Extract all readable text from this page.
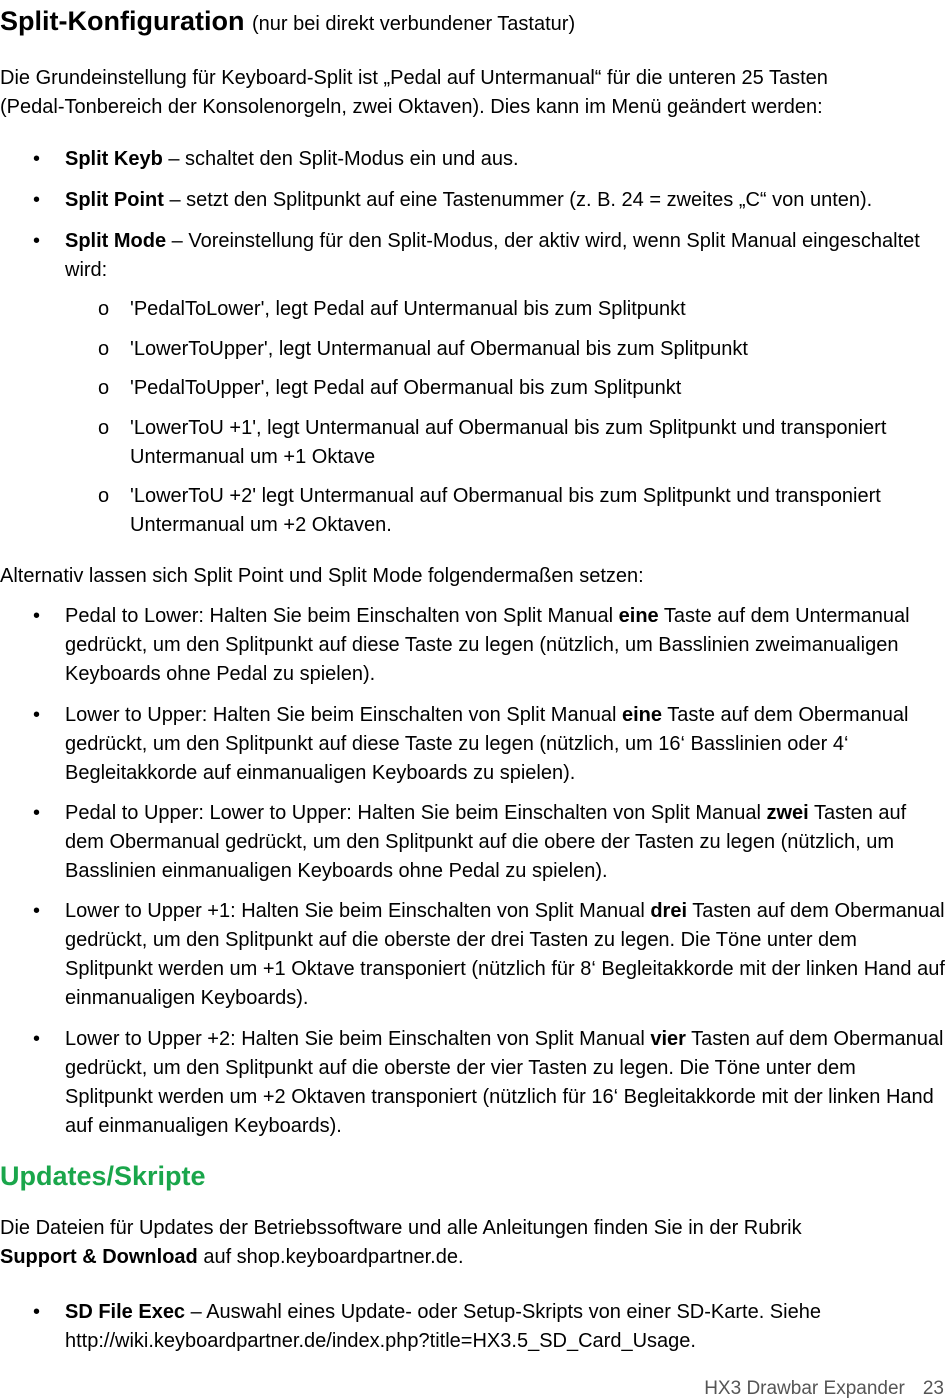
Split-Konfiguration (nur bei direkt verbundener Tastatur)

Die Grundeinstellung für Keyboard-Split ist „Pedal auf Untermanual“ für die unteren 25 Tasten

(Pedal-Tonbereich der Konsolenorgeln, zwei Oktaven). Dies kann im Menü geändert werden:

• Split Keyb – schaltet den Split-Modus ein und aus.
• Split Point – setzt den Splitpunkt auf eine Tastenummer (z. B. 24 = zweites „C“ von unten).
• Split Mode – Voreinstellung für den Split-Modus, der aktiv wird, wenn Split Manual eingeschaltet wird:
o 'PedalToLower', legt Pedal auf Untermanual bis zum Splitpunkt
o 'LowerToUpper', legt Untermanual auf Obermanual bis zum Splitpunkt
o 'PedalToUpper', legt Pedal auf Obermanual bis zum Splitpunkt
o 'LowerToU +1', legt Untermanual auf Obermanual bis zum Splitpunkt und transponiert Untermanual um +1 Oktave
o 'LowerToU +2' legt Untermanual auf Obermanual bis zum Splitpunkt und transponiert Untermanual um +2 Oktaven.

Alternativ lassen sich Split Point und Split Mode folgendermaßen setzen:

• Pedal to Lower: Halten Sie beim Einschalten von Split Manual eine Taste auf dem Untermanual gedrückt, um den Splitpunkt auf diese Taste zu legen (nützlich, um Basslinien zweimanualigen Keyboards ohne Pedal zu spielen).
• Lower to Upper: Halten Sie beim Einschalten von Split Manual eine Taste auf dem Obermanual gedrückt, um den Splitpunkt auf diese Taste zu legen (nützlich, um 16‘ Basslinien oder 4‘ Begleitakkorde auf einmanualigen Keyboards zu spielen).
• Pedal to Upper: Lower to Upper: Halten Sie beim Einschalten von Split Manual zwei Tasten auf dem Obermanual gedrückt, um den Splitpunkt auf die obere der Tasten zu legen (nützlich, um Basslinien einmanualigen Keyboards ohne Pedal zu spielen).
• Lower to Upper +1: Halten Sie beim Einschalten von Split Manual drei Tasten auf dem Obermanual gedrückt, um den Splitpunkt auf die oberste der drei Tasten zu legen. Die Töne unter dem Splitpunkt werden um +1 Oktave transponiert (nützlich für 8‘ Begleitakkorde mit der linken Hand auf einmanualigen Keyboards).
• Lower to Upper +2: Halten Sie beim Einschalten von Split Manual vier Tasten auf dem Obermanual gedrückt, um den Splitpunkt auf die oberste der vier Tasten zu legen. Die Töne unter dem Splitpunkt werden um +2 Oktaven transponiert (nützlich für 16‘ Begleitakkorde mit der linken Hand auf einmanualigen Keyboards).
Updates/Skripte

Die Dateien für Updates der Betriebssoftware und alle Anleitungen finden Sie in der Rubrik
Support & Download auf shop.keyboardpartner.de.

• SD File Exec – Auswahl eines Update- oder Setup-Skripts von einer SD-Karte. Siehe http://wiki.keyboardpartner.de/index.php?title=HX3.5_SD_Card_Usage.
HX3 Drawbar Expander 23
